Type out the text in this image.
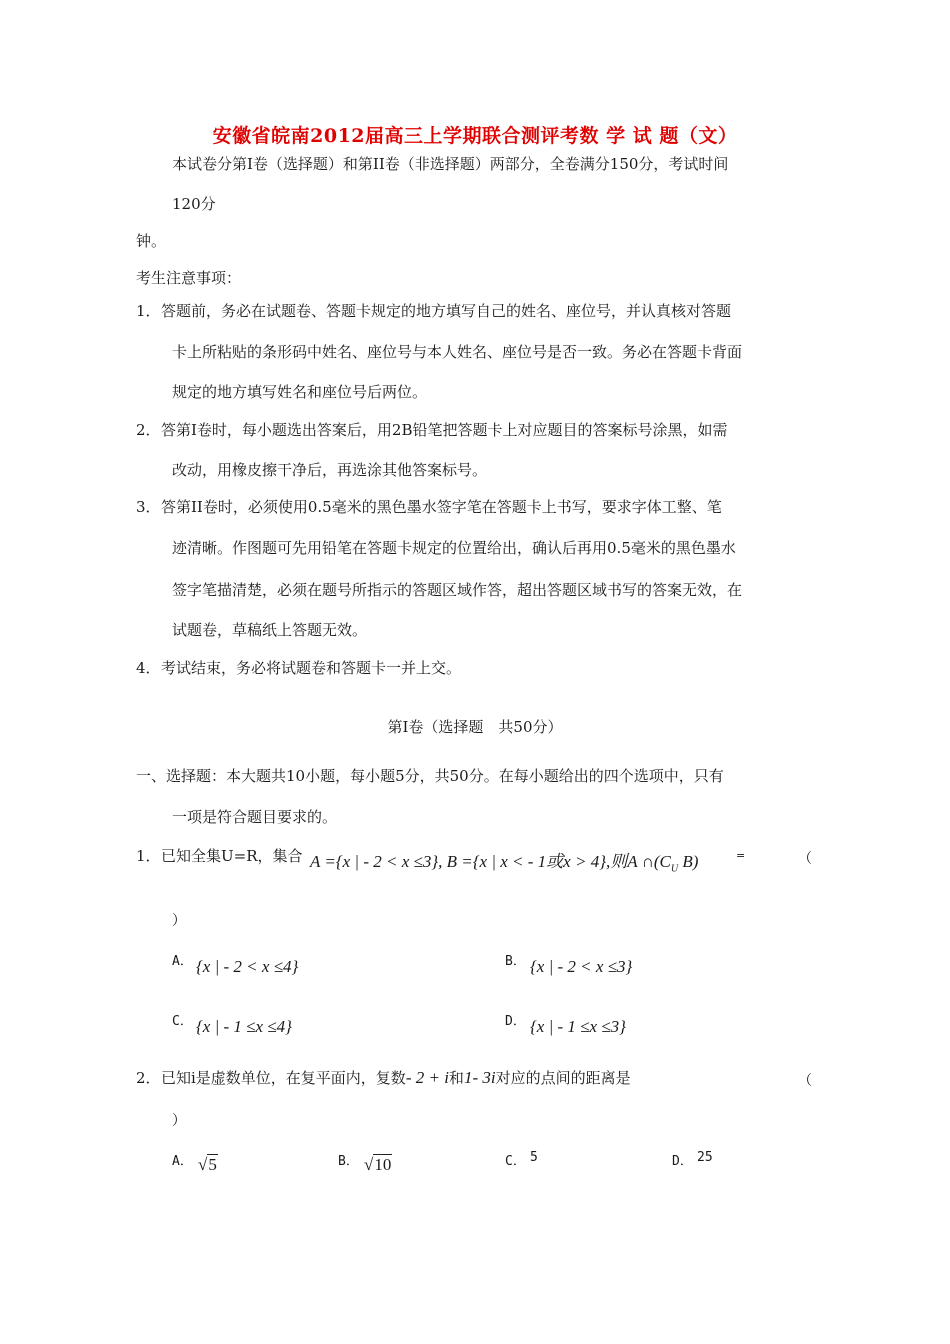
安徽省皖南2012届高三上学期联合测评考数 学 试 题（文）
本试卷分第I卷（选择题）和第II卷（非选择题）两部分，全卷满分150分，考试时间
120分
钟。
考生注意事项：
1． 答题前，务必在试题卷、答题卡规定的地方填写自己的姓名、座位号，并认真核对答题
卡上所粘贴的条形码中姓名、座位号与本人姓名、座位号是否一致。务必在答题卡背面
规定的地方填写姓名和座位号后两位。
2． 答第I卷时，每小题选出答案后，用2B铅笔把答题卡上对应题目的答案标号涂黑，如需
改动，用橡皮擦干净后，再选涂其他答案标号。
3． 答第II卷时，必须使用0.5毫米的黑色墨水签字笔在答题卡上书写，要求字体工整、笔
迹清晰。作图题可先用铅笔在答题卡规定的位置给出，确认后再用0.5毫米的黑色墨水
签字笔描清楚，必须在题号所指示的答题区域作答，超出答题区域书写的答案无效，在
试题卷，草稿纸上答题无效。
4． 考试结束，务必将试题卷和答题卡一并上交。
第I卷（选择题　共50分）
一、选择题：本大题共10小题，每小题5分，共50分。在每小题给出的四个选项中，只有
一项是符合题目要求的。
1． 已知全集U=R，集合 A ={x | - 2 < x ≤3}, B ={x | x < - 1或x > 4},则A $\cap(C_U$ B)	=	（
）
A． {x | - 2 < x ≤4}	B． {x | - 2 < x ≤3}
C． {x | - 1 ≤x ≤4}	D． {x | - 1 ≤x ≤3}
2． 已知i是虚数单位，在复平面内，复数- 2 + i和1- 3i对应的点间的距离是	（
）
A． √5	B． √10	C． 5	D． 25
